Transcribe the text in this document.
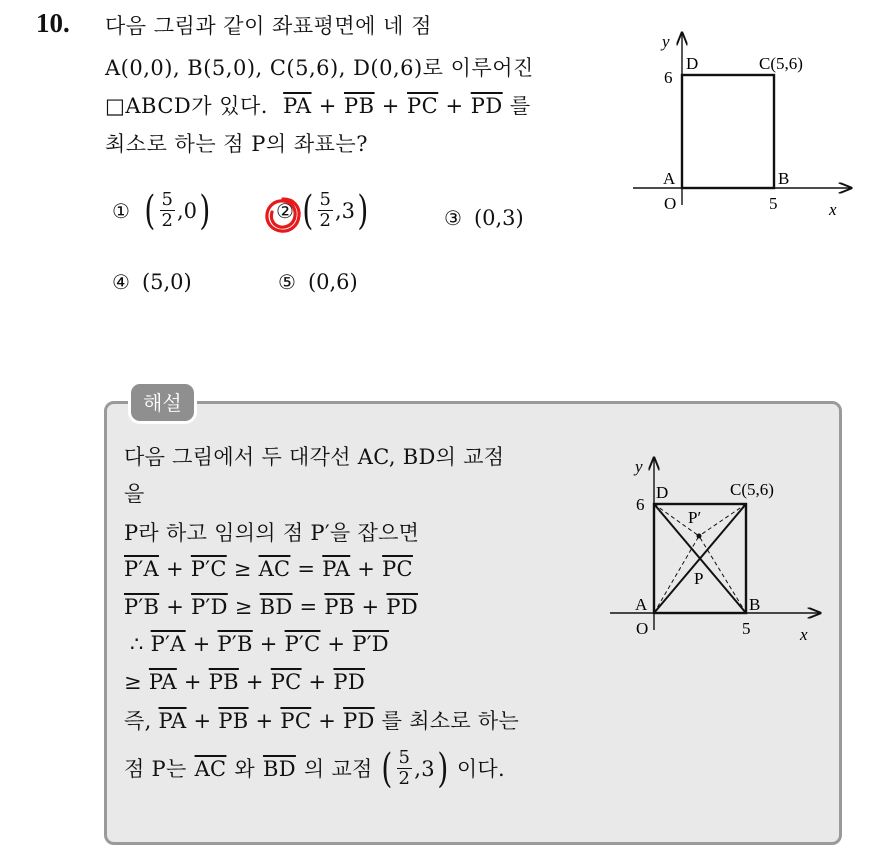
10. 다음 그림과 같이 좌표평면에 네 점
A(0,0), B(5,0), C(5,6), D(0,6)로 이루어진
□ABCD가 있다. $\overline{PA} + \overline{PB} + \overline{PC} + \overline{PD}$ 를
최소로 하는 점 P의 좌표는?
① ( $\frac{5}{2} ,0$ )	② ( $\frac{5}{2} ,3$ )	③ (0,3)
④ (5,0)	⑤ (0,6)
y
x
O
6
5
A	B
C(5,6)
D
해설
다음 그림에서 두 대각선 AC, BD의 교점
을
P라 하고 임의의 점 P′을 잡으면
$P'A + P'C \ge \overline{AC} = \overline{PA} + \overline{PC}$
$P'B + P'D \ge \overline{BD} = \overline{PB} + \overline{PD}$
∴ P′A + P′B + P′C + P′D
≥ $\overline{PA} + \overline{PB} + \overline{PC} + \overline{PD}$
즉, $\overline{PA} + \overline{PB} + \overline{PC} + \overline{PD}$ 를 최소로 하는
점 P는 $\overline{AC}$ 와 $\overline{BD}$ 의 교점 ( $\frac{5}{2} ,3$ ) 이다.
y
x
O
6
5
A	B
C(5,6)
D
P
P′
